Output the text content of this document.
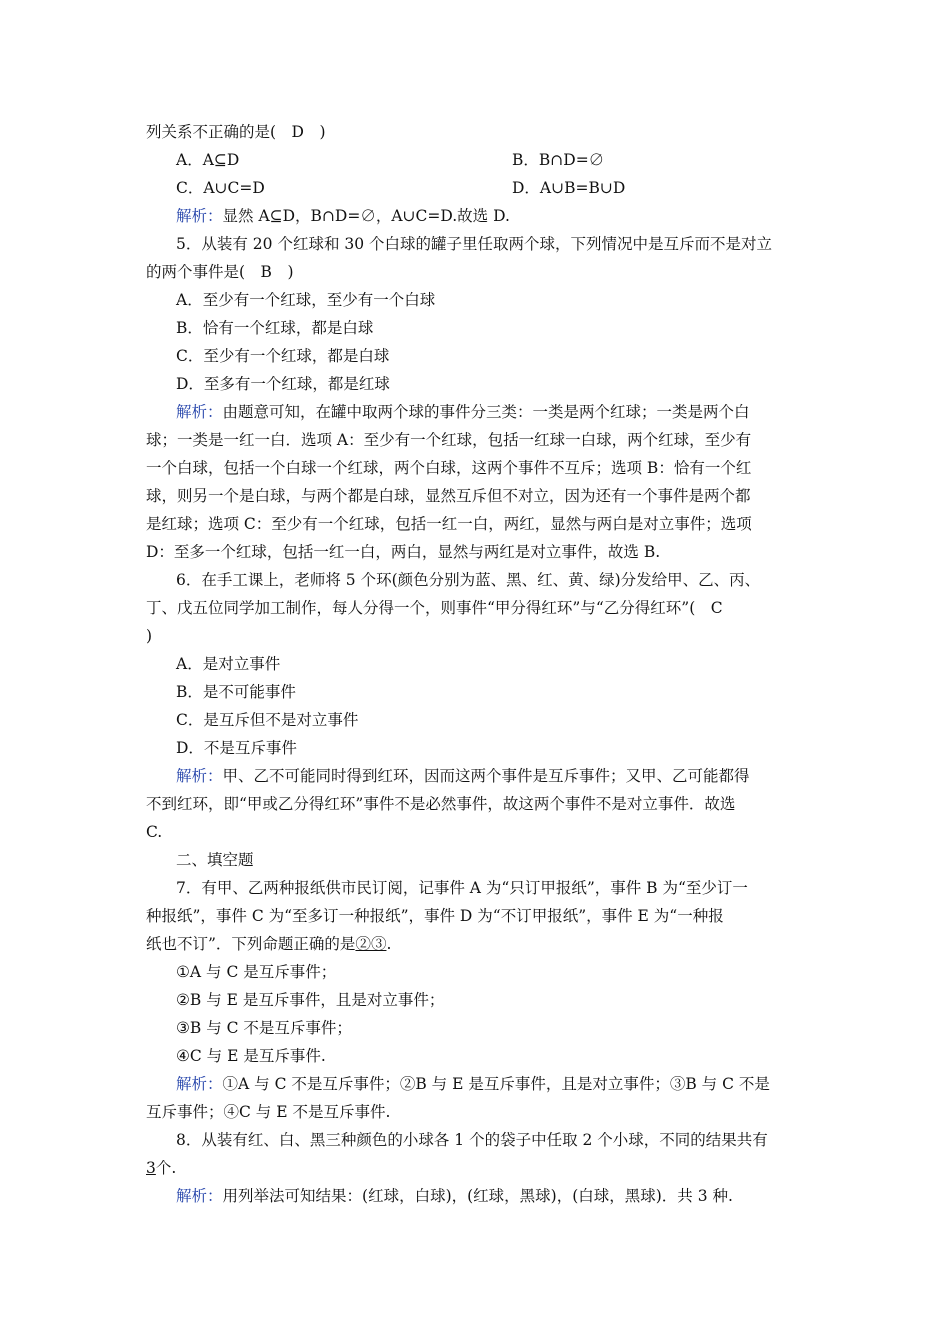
列关系不正确的是(　D　)
A．A⊆D	B．B∩D=∅
C．A∪C=D	D．A∪B=B∪D
解析：显然 A⊆D，B∩D=∅，A∪C=D.故选 D.
5．从装有 20 个红球和 30 个白球的罐子里任取两个球，下列情况中是互斥而不是对立
的两个事件是(　B　)
A．至少有一个红球，至少有一个白球
B．恰有一个红球，都是白球
C．至少有一个红球，都是白球
D．至多有一个红球，都是红球
解析：由题意可知，在罐中取两个球的事件分三类：一类是两个红球；一类是两个白
球；一类是一红一白．选项 A：至少有一个红球，包括一红球一白球，两个红球，至少有
一个白球，包括一个白球一个红球，两个白球，这两个事件不互斥；选项 B：恰有一个红
球，则另一个是白球，与两个都是白球，显然互斥但不对立，因为还有一个事件是两个都
是红球；选项 C：至少有一个红球，包括一红一白，两红，显然与两白是对立事件；选项
D：至多一个红球，包括一红一白，两白，显然与两红是对立事件，故选 B.
6．在手工课上，老师将 5 个环(颜色分别为蓝、黑、红、黄、绿)分发给甲、乙、丙、
丁、戊五位同学加工制作，每人分得一个，则事件“甲分得红环”与“乙分得红环”(　C
)
A．是对立事件
B．是不可能事件
C．是互斥但不是对立事件
D．不是互斥事件
解析：甲、乙不可能同时得到红环，因而这两个事件是互斥事件；又甲、乙可能都得
不到红环，即“甲或乙分得红环”事件不是必然事件，故这两个事件不是对立事件．故选
C.
二、填空题
7．有甲、乙两种报纸供市民订阅，记事件 A 为“只订甲报纸”，事件 B 为“至少订一
种报纸”，事件 C 为“至多订一种报纸”，事件 D 为“不订甲报纸”，事件 E 为“一种报
纸也不订”．下列命题正确的是②③.
①A 与 C 是互斥事件；
②B 与 E 是互斥事件，且是对立事件；
③B 与 C 不是互斥事件；
④C 与 E 是互斥事件.
解析：①A 与 C 不是互斥事件；②B 与 E 是互斥事件，且是对立事件；③B 与 C 不是
互斥事件；④C 与 E 不是互斥事件.
8．从装有红、白、黑三种颜色的小球各 1 个的袋子中任取 2 个小球，不同的结果共有
3个.
解析：用列举法可知结果：(红球，白球)，(红球，黑球)，(白球，黑球)．共 3 种.
